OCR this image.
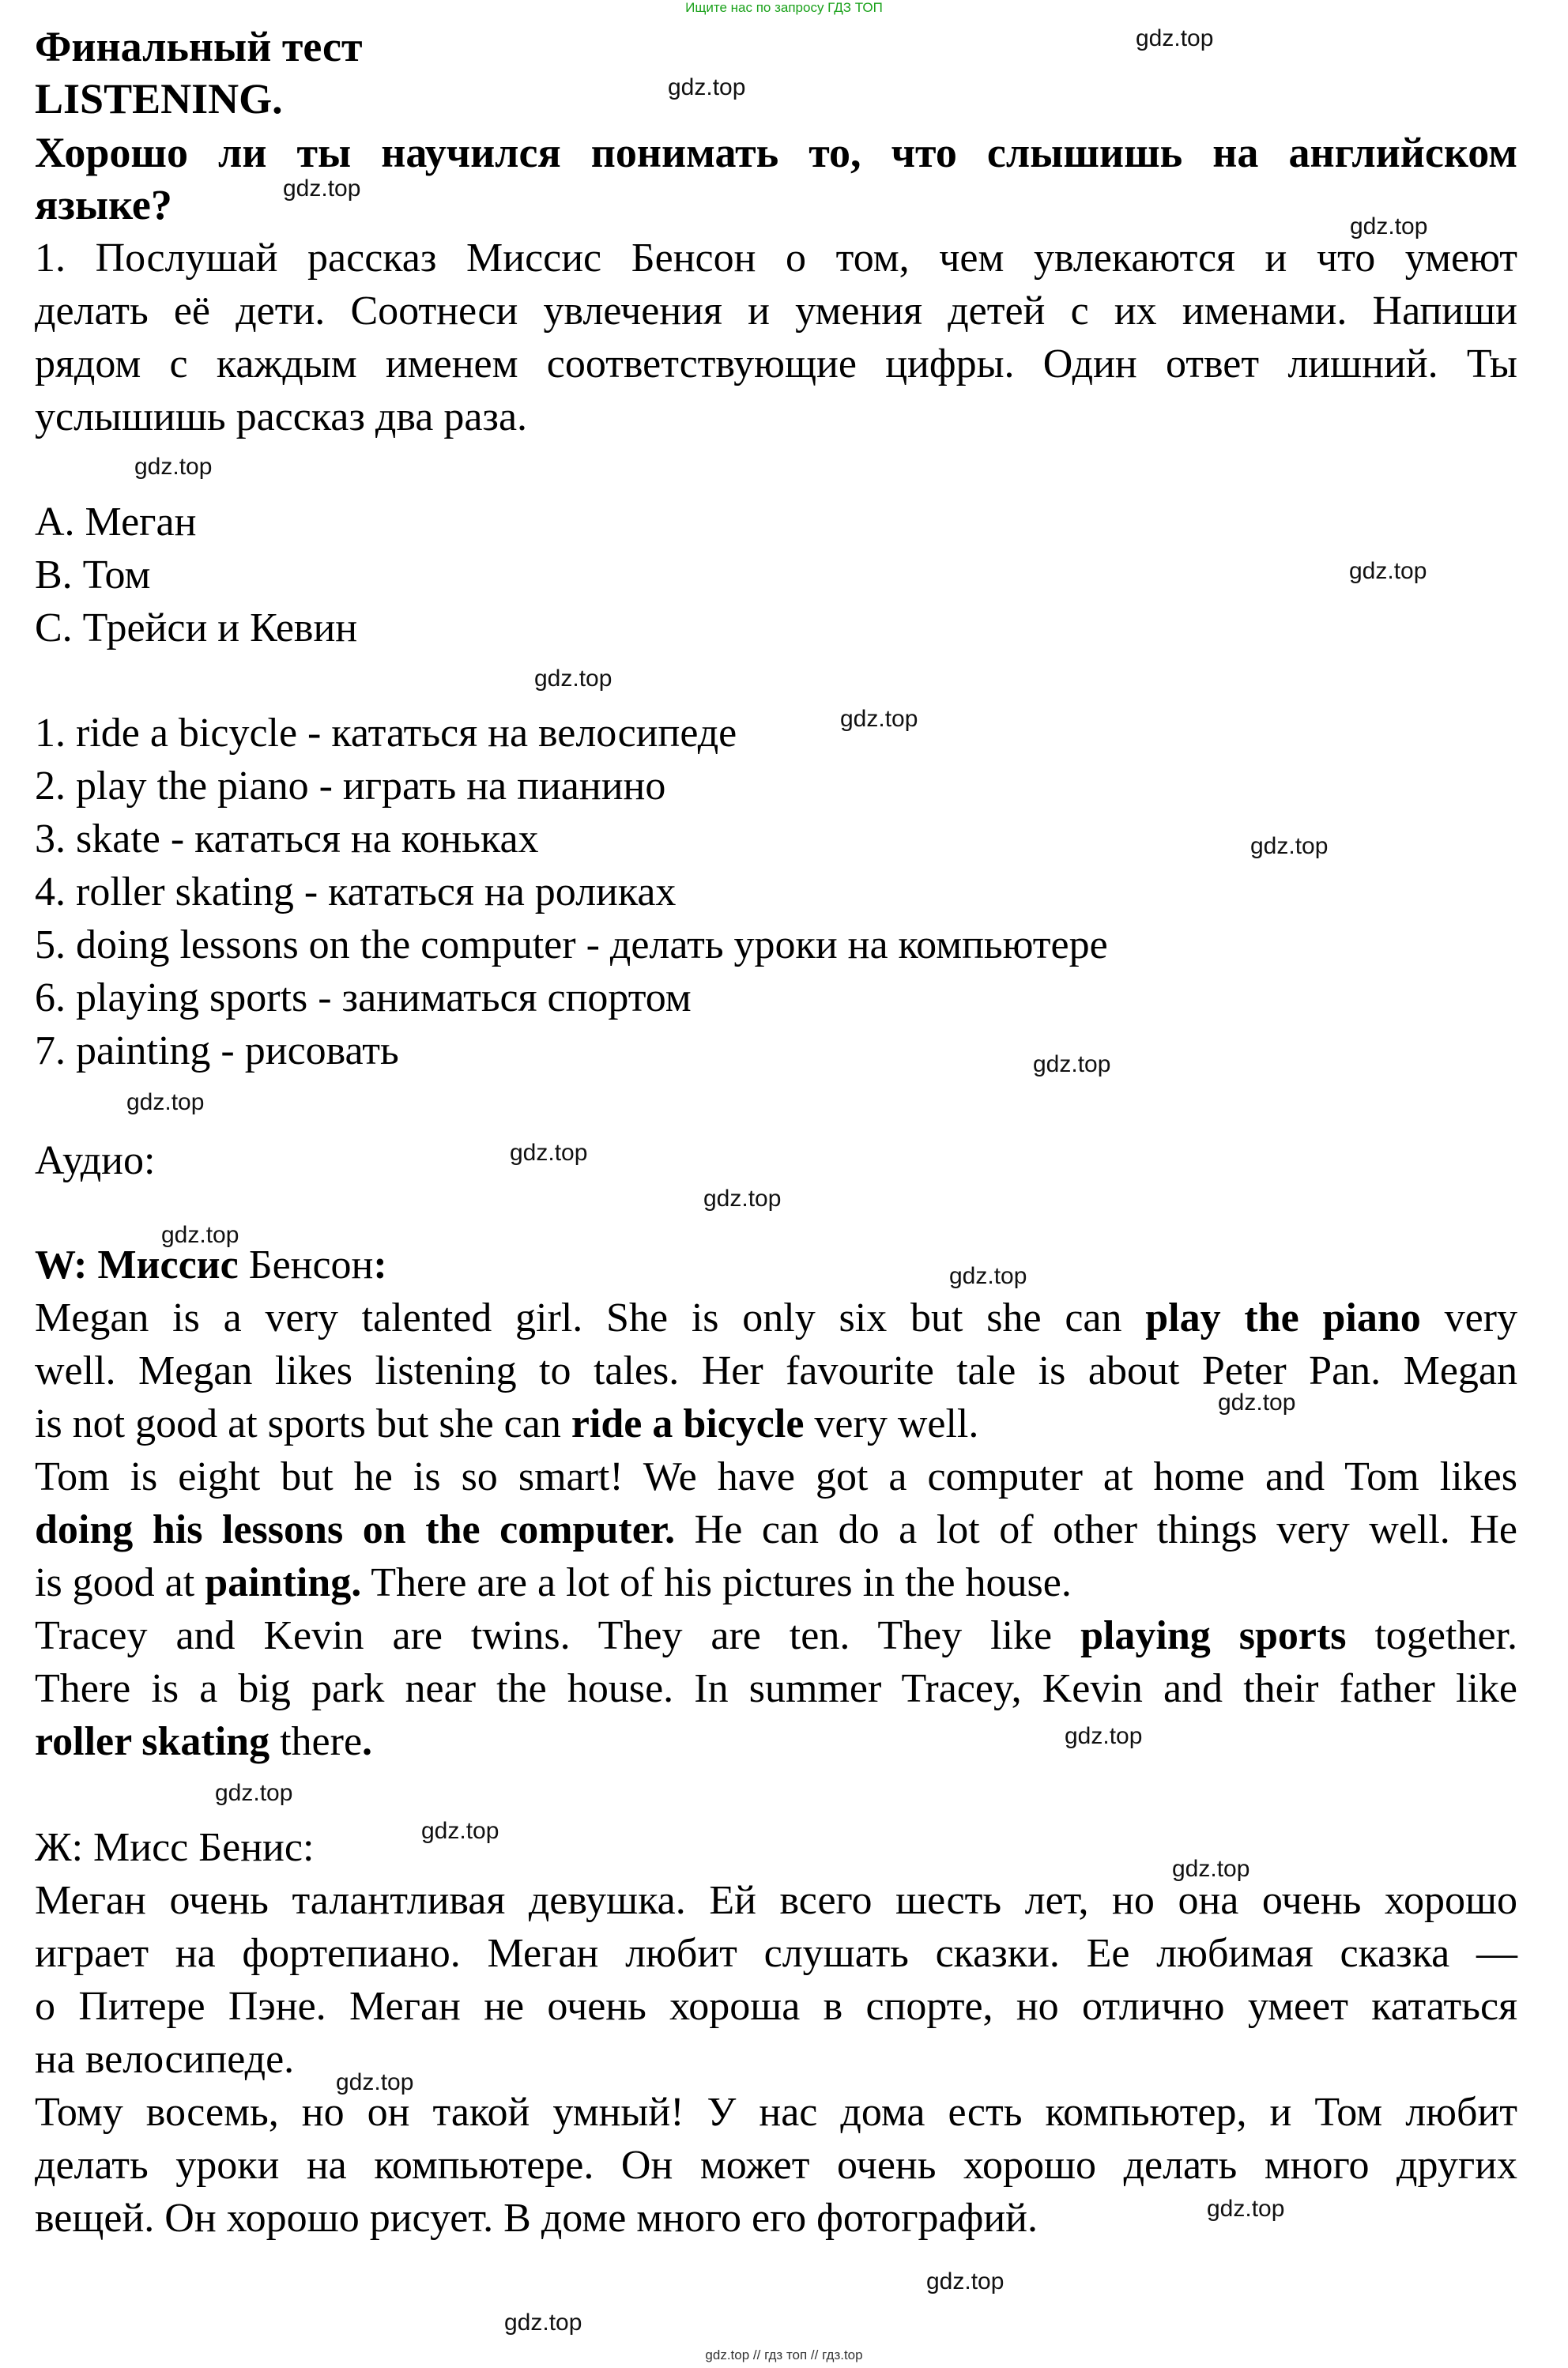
Ищите нас по запросу ГДЗ ТОП
Финальный тест
LISTENING.
Хорошо ли ты научился понимать то, что слышишь на английском
языке?
1. Послушай рассказ Миссис Бенсон о том, чем увлекаются и что умеют
делать её дети. Соотнеси увлечения и умения детей с их именами. Напиши
рядом с каждым именем соответствующие цифры. Один ответ лишний. Ты
услышишь рассказ два раза.
А. Меган
В. Том
С. Трейси и Кевин
1. ride a bicycle - кататься на велосипеде
2. play the piano - играть на пианино
3. skate - кататься на коньках
4. roller skating - кататься на роликах
5. doing lessons on the computer - делать уроки на компьютере
6. playing sports - заниматься спортом
7. painting - рисовать
Аудио:
W: Миссис Бенсон:
Megan is a very talented girl. She is only six but she can play the piano very
well. Megan likes listening to tales. Her favourite tale is about Peter Pan. Megan
is not good at sports but she can ride a bicycle very well.
Tom is eight but he is so smart! We have got a computer at home and Tom likes
doing his lessons on the computer. He can do a lot of other things very well. He
is good at painting. There are a lot of his pictures in the house.
Tracey and Kevin are twins. They are ten. They like playing sports together.
There is a big park near the house. In summer Tracey, Kevin and their father like
roller skating there.
Ж: Мисс Бенис:
Меган очень талантливая девушка. Ей всего шесть лет, но она очень хорошо
играет на фортепиано. Меган любит слушать сказки. Ее любимая сказка —
о Питере Пэне. Меган не очень хороша в спорте, но отлично умеет кататься
на велосипеде.
Тому восемь, но он такой умный! У нас дома есть компьютер, и Том любит
делать уроки на компьютере. Он может очень хорошо делать много других
вещей. Он хорошо рисует. В доме много его фотографий.
gdz.top
gdz.top
gdz.top
gdz.top
gdz.top
gdz.top
gdz.top
gdz.top
gdz.top
gdz.top
gdz.top
gdz.top
gdz.top
gdz.top
gdz.top
gdz.top
gdz.top
gdz.top
gdz.top
gdz.top
gdz.top
gdz.top
gdz.top
gdz.top
gdz.top // гдз топ // гдз.top
